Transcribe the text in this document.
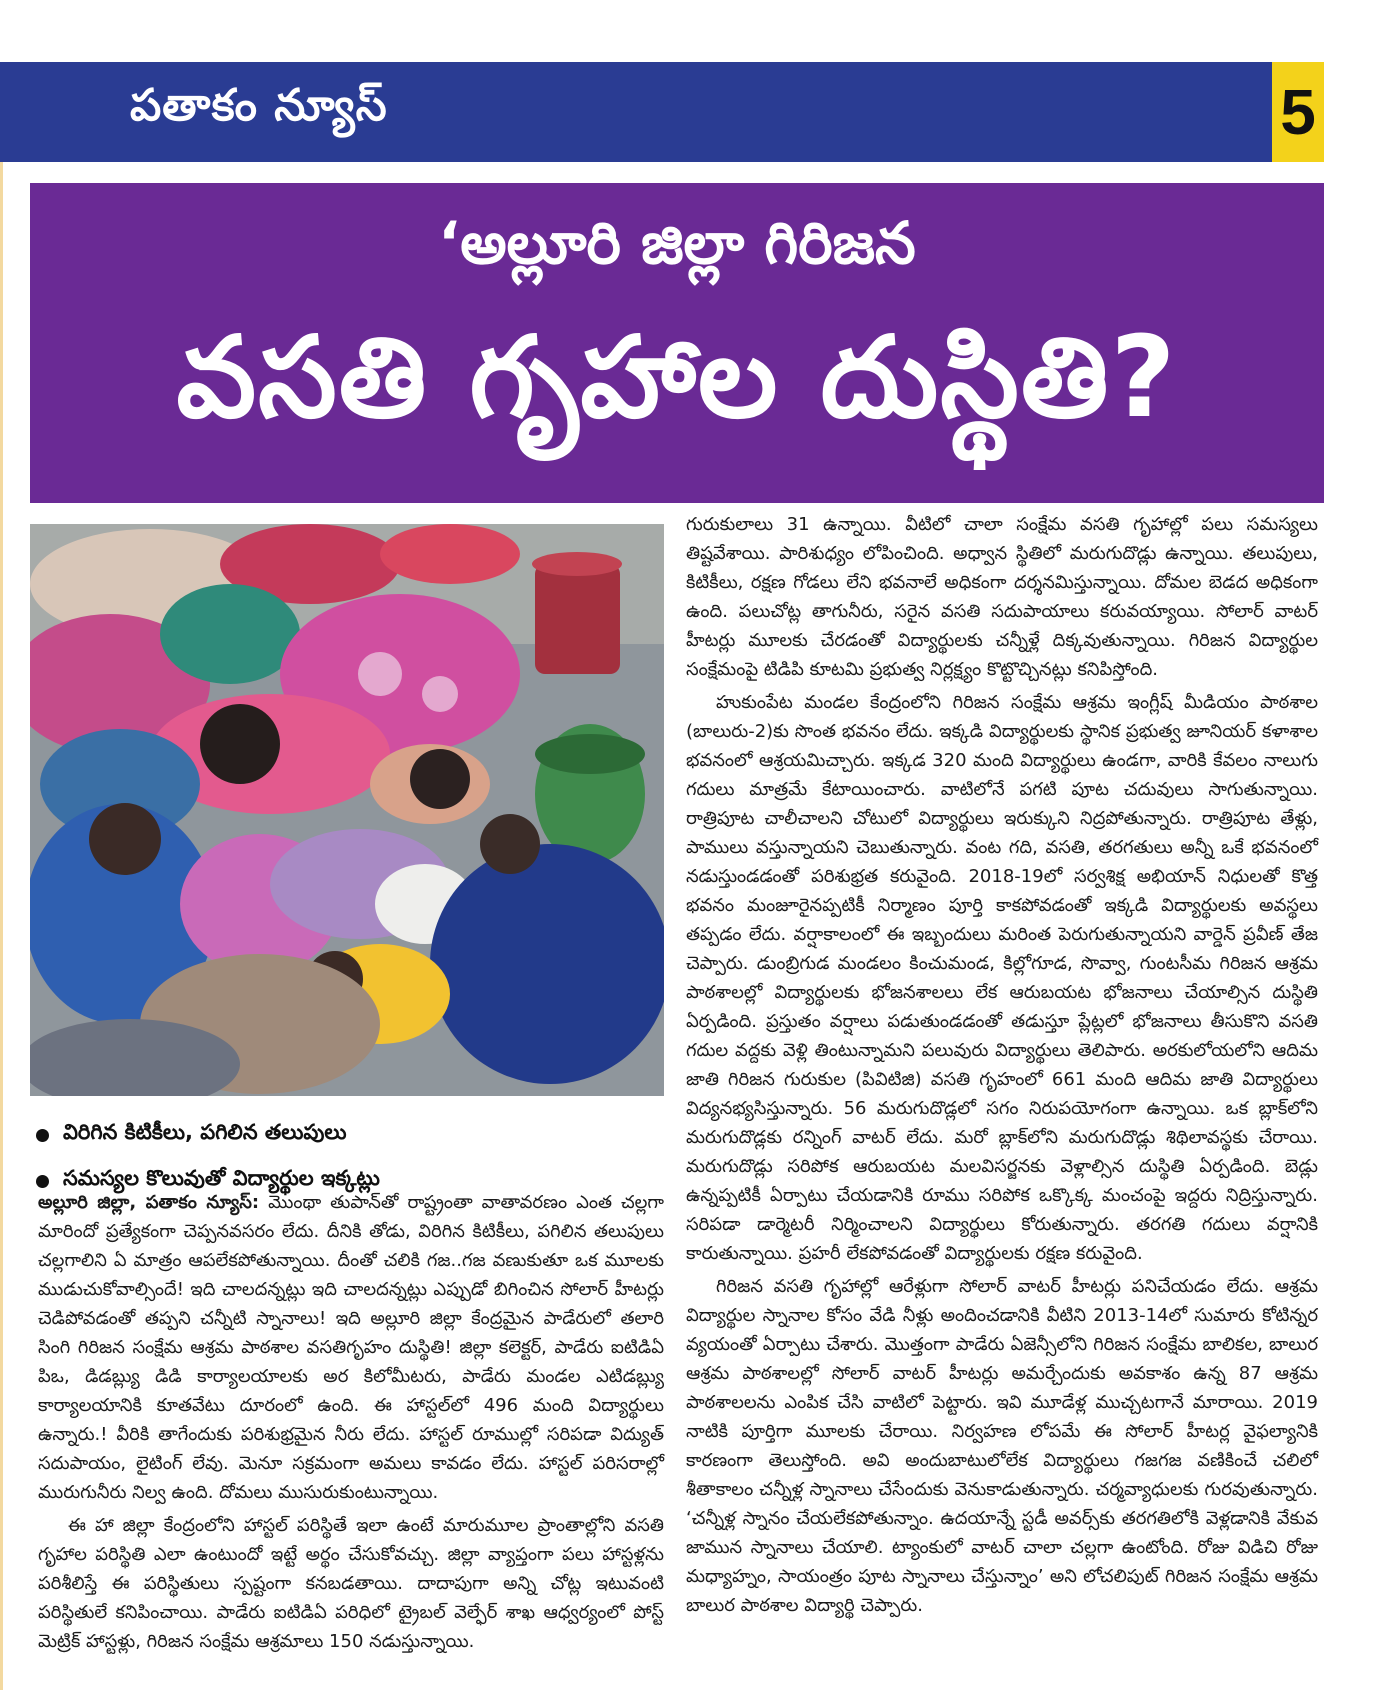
పతాకం న్యూస్	5
‘అల్లూరి జిల్లా గిరిజన
వసతి గృహాల దుస్థితి?
విరిగిన కిటికీలు, పగిలిన తలుపులు
సమస్యల కొలువుతో విద్యార్థుల ఇక్కట్లు

అల్లూరి జిల్లా, పతాకం న్యూస్: మొంథా తుపాన్‌తో రాష్ట్రంతా వాతావరణం ఎంత చల్లగా మారిందో ప్రత్యేకంగా చెప్పనవసరం లేదు. దీనికి తోడు, విరిగిన కిటికీలు, పగిలిన తలుపులు చల్లగాలిని ఏ మాత్రం ఆపలేకపోతున్నాయి. దీంతో చలికి గజ..గజ వణుకుతూ ఒక మూలకు ముడుచుకోవాల్సిందే! ఇది చాలదన్నట్లు ఇది చాలదన్నట్లు ఎప్పుడో బిగించిన సోలార్ హీటర్లు చెడిపోవడంతో తప్పని చన్నీటి స్నానాలు! ఇది అల్లూరి జిల్లా కేంద్రమైన పాడేరులో తలారి సింగి గిరిజన సంక్షేమ ఆశ్రమ పాఠశాల వసతిగృహం దుస్థితి! జిల్లా కలెక్టర్, పాడేరు ఐటిడిఏ పిఒ, డిడబ్ల్యు డిడి కార్యాలయాలకు అర కిలోమీటరు, పాడేరు మండల ఎటిడబ్ల్యు కార్యాలయానికి కూతవేటు దూరంలో ఉంది. ఈ హాస్టల్‌లో 496 మంది విద్యార్థులు ఉన్నారు.! వీరికి తాగేందుకు పరిశుభ్రమైన నీరు లేదు. హాస్టల్ రూముల్లో సరిపడా విద్యుత్ సదుపాయం, లైటింగ్ లేవు. మెనూ సక్రమంగా అమలు కావడం లేదు. హాస్టల్ పరిసరాల్లో మురుగునీరు నిల్వ ఉంది. దోమలు ముసురుకుంటున్నాయి.

ఈ హా జిల్లా కేంద్రంలోని హాస్టల్ పరిస్థితే ఇలా ఉంటే మారుమూల ప్రాంతాల్లోని వసతి గృహాల పరిస్థితి ఎలా ఉంటుందో ఇట్టే అర్థం చేసుకోవచ్చు. జిల్లా వ్యాప్తంగా పలు హాస్టళ్లను పరిశీలిస్తే ఈ పరిస్థితులు స్పష్టంగా కనబడతాయి. దాదాపుగా అన్ని చోట్ల ఇటువంటి పరిస్థితులే కనిపించాయి. పాడేరు ఐటిడిఏ పరిధిలో ట్రైబల్ వెల్ఫేర్ శాఖ ఆధ్వర్యంలో పోస్ట్ మెట్రిక్ హాస్టళ్లు, గిరిజన సంక్షేమ ఆశ్రమాలు 150 నడుస్తున్నాయి.

గురుకులాలు 31 ఉన్నాయి. వీటిలో చాలా సంక్షేమ వసతి గృహాల్లో పలు సమస్యలు తిష్టవేశాయి. పారిశుధ్యం లోపించింది. అధ్వాన స్థితిలో మరుగుదొడ్లు ఉన్నాయి. తలుపులు, కిటికీలు, రక్షణ గోడలు లేని భవనాలే అధికంగా దర్శనమిస్తున్నాయి. దోమల బెడద అధికంగా ఉంది. పలుచోట్ల తాగునీరు, సరైన వసతి సదుపాయాలు కరువయ్యాయి. సోలార్ వాటర్ హీటర్లు మూలకు చేరడంతో విద్యార్థులకు చన్నీళ్లే దిక్కవుతున్నాయి. గిరిజన విద్యార్థుల సంక్షేమంపై టిడిపి కూటమి ప్రభుత్వ నిర్లక్ష్యం కొట్టొచ్చినట్లు కనిపిస్తోంది.

హుకుంపేట మండల కేంద్రంలోని గిరిజన సంక్షేమ ఆశ్రమ ఇంగ్లీష్ మీడియం పాఠశాల (బాలురు-2)కు సొంత భవనం లేదు. ఇక్కడి విద్యార్థులకు స్థానిక ప్రభుత్వ జూనియర్ కళాశాల భవనంలో ఆశ్రయమిచ్చారు. ఇక్కడ 320 మంది విద్యార్థులు ఉండగా, వారికి కేవలం నాలుగు గదులు మాత్రమే కేటాయించారు. వాటిలోనే పగటి పూట చదువులు సాగుతున్నాయి. రాత్రిపూట చాలీచాలని చోటులో విద్యార్థులు ఇరుక్కుని నిద్రపోతున్నారు. రాత్రిపూట తేళ్లు, పాములు వస్తున్నాయని చెబుతున్నారు. వంట గది, వసతి, తరగతులు అన్నీ ఒకే భవనంలో నడుస్తుండడంతో పరిశుభ్రత కరువైంది. 2018-19లో సర్వశిక్ష అభియాన్ నిధులతో కొత్త భవనం మంజూరైనప్పటికీ నిర్మాణం పూర్తి కాకపోవడంతో ఇక్కడి విద్యార్థులకు అవస్థలు తప్పడం లేదు. వర్షాకాలంలో ఈ ఇబ్బందులు మరింత పెరుగుతున్నాయని వార్డెన్ ప్రవీణ్ తేజ చెప్పారు. డుంబ్రిగుడ మండలం కించుమండ, కిల్లోగూడ, సొవ్వా, గుంటసీమ గిరిజన ఆశ్రమ పాఠశాలల్లో విద్యార్థులకు భోజనశాలలు లేక ఆరుబయట భోజనాలు చేయాల్సిన దుస్థితి ఏర్పడింది. ప్రస్తుతం వర్షాలు పడుతుండడంతో తడుస్తూ ప్లేట్లలో భోజనాలు తీసుకొని వసతి గదుల వద్దకు వెళ్లి తింటున్నామని పలువురు విద్యార్థులు తెలిపారు. అరకులోయలోని ఆదిమ జాతి గిరిజన గురుకుల (పివిటిజి) వసతి గృహంలో 661 మంది ఆదిమ జాతి విద్యార్థులు విద్యనభ్యసిస్తున్నారు. 56 మరుగుదొడ్లలో సగం నిరుపయోగంగా ఉన్నాయి. ఒక బ్లాక్‌లోని మరుగుదొడ్లకు రన్నింగ్ వాటర్ లేదు. మరో బ్లాక్‌లోని మరుగుదొడ్లు శిథిలావస్థకు చేరాయి. మరుగుదొడ్లు సరిపోక ఆరుబయట మలవిసర్జనకు వెళ్లాల్సిన దుస్థితి ఏర్పడింది. బెడ్లు ఉన్నప్పటికీ ఏర్పాటు చేయడానికి రూము సరిపోక ఒక్కొక్క మంచంపై ఇద్దరు నిద్రిస్తున్నారు. సరిపడా డార్మెటరీ నిర్మించాలని విద్యార్థులు కోరుతున్నారు. తరగతి గదులు వర్షానికి కారుతున్నాయి. ప్రహరీ లేకపోవడంతో విద్యార్థులకు రక్షణ కరువైంది.

గిరిజన వసతి గృహాల్లో ఆరేళ్లుగా సోలార్ వాటర్ హీటర్లు పనిచేయడం లేదు. ఆశ్రమ విద్యార్థుల స్నానాల కోసం వేడి నీళ్లు అందించడానికి వీటిని 2013-14లో సుమారు కోటిన్నర వ్యయంతో ఏర్పాటు చేశారు. మొత్తంగా పాడేరు ఏజెన్సీలోని గిరిజన సంక్షేమ బాలికల, బాలుర ఆశ్రమ పాఠశాలల్లో సోలార్ వాటర్ హీటర్లు అమర్చేందుకు అవకాశం ఉన్న 87 ఆశ్రమ పాఠశాలలను ఎంపిక చేసి వాటిలో పెట్టారు. ఇవి మూడేళ్ల ముచ్చటగానే మారాయి. 2019 నాటికి పూర్తిగా మూలకు చేరాయి. నిర్వహణ లోపమే ఈ సోలార్ హీటర్ల వైఫల్యానికి కారణంగా తెలుస్తోంది. అవి అందుబాటులోలేక విద్యార్థులు గజగజ వణికించే చలిలో శీతాకాలం చన్నీళ్ల స్నానాలు చేసేందుకు వెనుకాడుతున్నారు. చర్మవ్యాధులకు గురవుతున్నారు. ‘చన్నీళ్ల స్నానం చేయలేకపోతున్నాం. ఉదయాన్నే స్టడీ అవర్స్‌కు తరగతిలోకి వెళ్లడానికి వేకువ జామున స్నానాలు చేయాలి. ట్యాంకులో వాటర్ చాలా చల్లగా ఉంటోంది. రోజు విడిచి రోజు మధ్యాహ్నం, సాయంత్రం పూట స్నానాలు చేస్తున్నాం’ అని లోచలిపుట్ గిరిజన సంక్షేమ ఆశ్రమ బాలుర పాఠశాల విద్యార్థి చెప్పారు.
